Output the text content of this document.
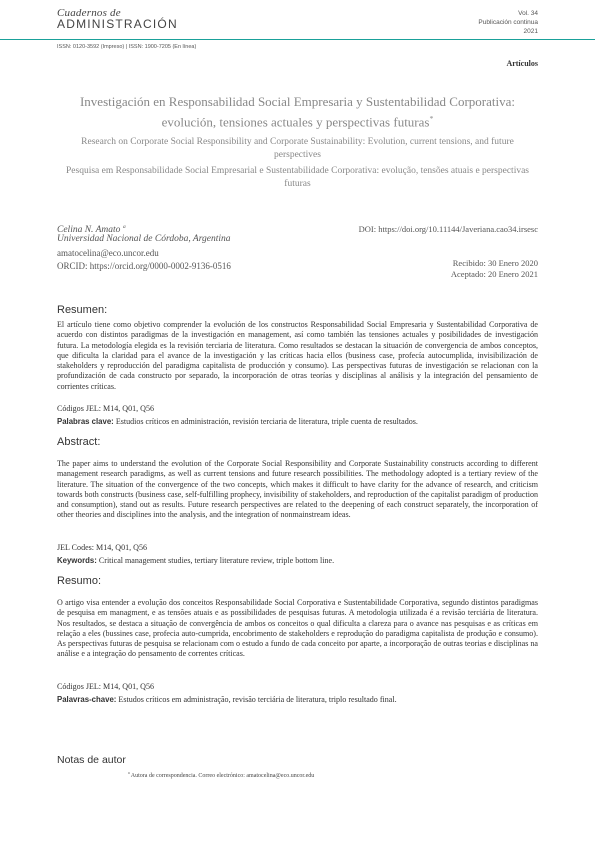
Cuadernos de
ADMINISTRACIÓN
Vol. 34
Publicación continua
2021
ISSN: 0120-3592 (Impreso) | ISSN: 1900-7205 (En línea)
Artículos
Investigación en Responsabilidad Social Empresaria y Sustentabilidad Corporativa: evolución, tensiones actuales y perspectivas futuras*
Research on Corporate Social Responsibility and Corporate Sustainability: Evolution, current tensions, and future perspectives
Pesquisa em Responsabilidade Social Empresarial e Sustentabilidade Corporativa: evolução, tensões atuais e perspectivas futuras
Celina N. Amato $^a$
Universidad Nacional de Córdoba, Argentina
amatocelina@eco.uncor.edu
ORCID: https://orcid.org/0000-0002-9136-0516
DOI: https://doi.org/10.11144/Javeriana.cao34.irsesc
Recibido: 30 Enero 2020
Aceptado: 20 Enero 2021
Resumen:
El artículo tiene como objetivo comprender la evolución de los constructos Responsabilidad Social Empresaria y Sustentabilidad Corporativa de acuerdo con distintos paradigmas de la investigación en management, así como también las tensiones actuales y posibilidades de investigación futura. La metodología elegida es la revisión terciaria de literatura. Como resultados se destacan la situación de convergencia de ambos conceptos, que dificulta la claridad para el avance de la investigación y las críticas hacia ellos (business case, profecía autocumplida, invisibilización de stakeholders y reproducción del paradigma capitalista de producción y consumo). Las perspectivas futuras de investigación se relacionan con la profundización de cada constructo por separado, la incorporación de otras teorías y disciplinas al análisis y la integración del pensamiento de corrientes críticas.
Códigos JEL: M14, Q01, Q56
Palabras clave: Estudios críticos en administración, revisión terciaria de literatura, triple cuenta de resultados.
Abstract:
The paper aims to understand the evolution of the Corporate Social Responsibility and Corporate Sustainability constructs according to different management research paradigms, as well as current tensions and future research possibilities. The methodology adopted is a tertiary review of the literature. The situation of the convergence of the two concepts, which makes it difficult to have clarity for the advance of research, and criticism towards both constructs (business case, self-fulfilling prophecy, invisibility of stakeholders, and reproduction of the capitalist paradigm of production and consumption), stand out as results. Future research perspectives are related to the deepening of each construct separately, the incorporation of other theories and disciplines into the analysis, and the integration of nonmainstream ideas.
JEL Codes: M14, Q01, Q56
Keywords: Critical management studies, tertiary literature review, triple bottom line.
Resumo:
O artigo visa entender a evolução dos conceitos Responsabilidade Social Corporativa e Sustentabilidade Corporativa, segundo distintos paradigmas de pesquisa em managment, e as tensões atuais e as possibilidades de pesquisas futuras. A metodologia utilizada é a revisão terciária de literatura. Nos resultados, se destaca a situação de convergência de ambos os conceitos o qual dificulta a clareza para o avance nas pesquisas e as críticas em relação a eles (bussines case, profecia auto-cumprida, encobrimento de stakeholders e reprodução do paradigma capitalista de produção e consumo). As perspectivas futuras de pesquisa se relacionam com o estudo a fundo de cada conceito por aparte, a incorporação de outras teorias e disciplinas na análise e a integração do pensamento de correntes críticas.
Códigos JEL: M14, Q01, Q56
Palavras-chave: Estudos críticos em administração, revisão terciária de literatura, triplo resultado final.
Notas de autor
$^a$ Autora de correspondencia. Correo electrónico: amatocelina@eco.uncor.edu
